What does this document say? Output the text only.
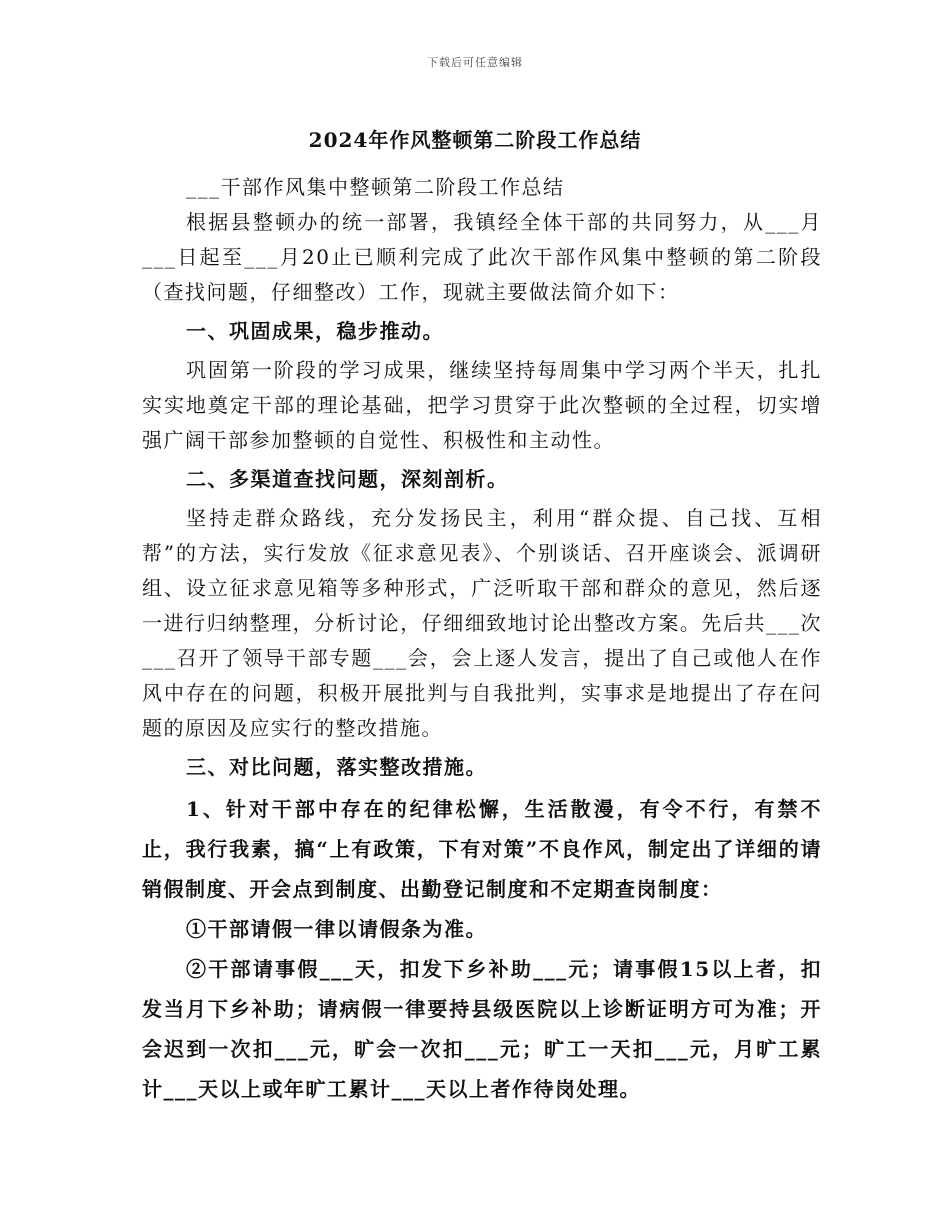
下载后可任意编辑
2024年作风整顿第二阶段工作总结

___干部作风集中整顿第二阶段工作总结

根据县整顿办的统一部署，我镇经全体干部的共同努力，从___月___日起至___月20止已顺利完成了此次干部作风集中整顿的第二阶段（查找问题，仔细整改）工作，现就主要做法简介如下：

一、巩固成果，稳步推动。

巩固第一阶段的学习成果，继续坚持每周集中学习两个半天，扎扎实实地奠定干部的理论基础，把学习贯穿于此次整顿的全过程，切实增强广阔干部参加整顿的自觉性、积极性和主动性。

二、多渠道查找问题，深刻剖析。

坚持走群众路线，充分发扬民主，利用“群众提、自己找、互相帮”的方法，实行发放《征求意见表》、个别谈话、召开座谈会、派调研组、设立征求意见箱等多种形式，广泛听取干部和群众的意见，然后逐一进行归纳整理，分析讨论，仔细细致地讨论出整改方案。先后共___次___召开了领导干部专题___会，会上逐人发言，提出了自己或他人在作风中存在的问题，积极开展批判与自我批判，实事求是地提出了存在问题的原因及应实行的整改措施。

三、对比问题，落实整改措施。

1、针对干部中存在的纪律松懈，生活散漫，有令不行，有禁不止，我行我素，搞“上有政策，下有对策”不良作风，制定出了详细的请销假制度、开会点到制度、出勤登记制度和不定期查岗制度：

①干部请假一律以请假条为准。

②干部请事假___天，扣发下乡补助___元；请事假15以上者，扣发当月下乡补助；请病假一律要持县级医院以上诊断证明方可为准；开会迟到一次扣___元，旷会一次扣___元；旷工一天扣___元，月旷工累计___天以上或年旷工累计___天以上者作待岗处理。
